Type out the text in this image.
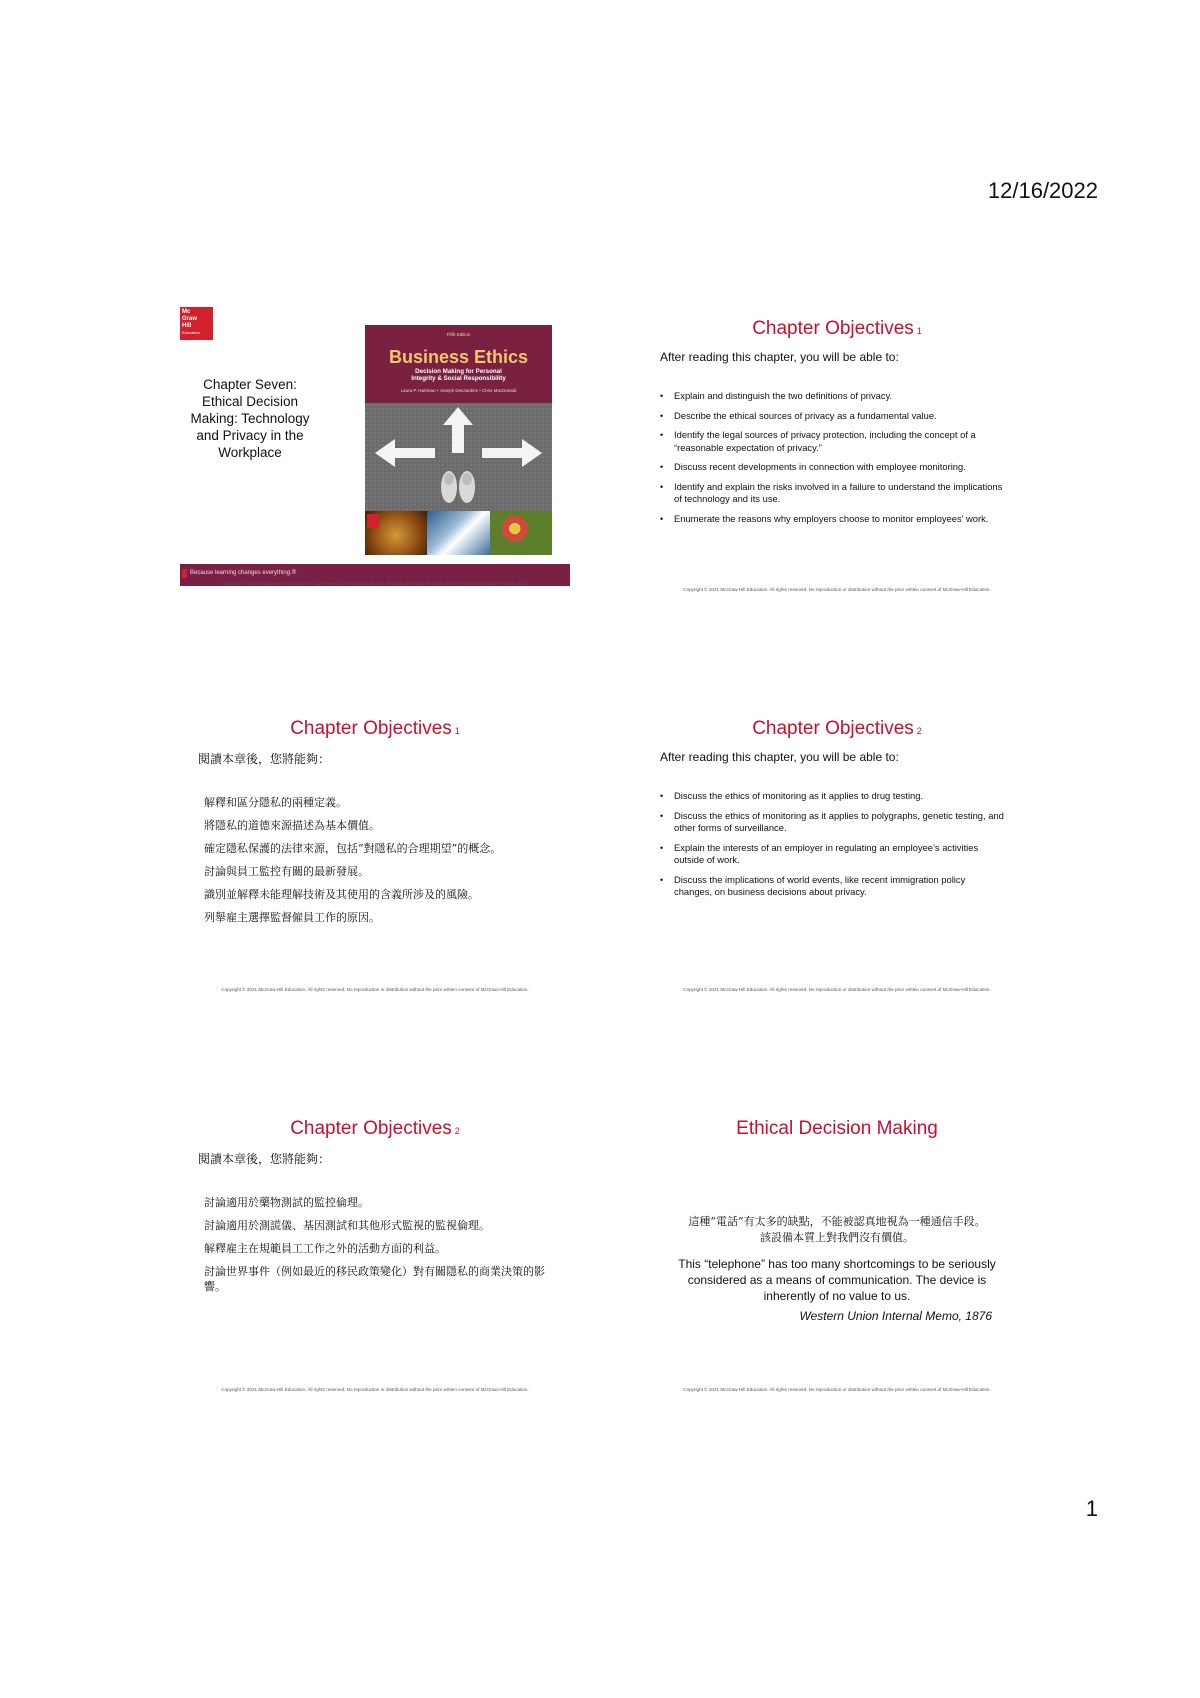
12/16/2022
Mc
Graw
Hill
Education
Chapter Seven: Ethical Decision Making: Technology and Privacy in the Workplace
Fifth Edition
Business Ethics
Decision Making for Personal
Integrity & Social Responsibility
Laura P. Hartman • Joseph DesJardins • Chris MacDonald
Because learning changes everything.®
Copyright © 2021 McGraw-Hill Education. All rights reserved. No reproduction or distribution without the prior written consent of McGraw-Hill Education.
Chapter Objectives 1
After reading this chapter, you will be able to:
• Explain and distinguish the two definitions of privacy.
• Describe the ethical sources of privacy as a fundamental value.
• Identify the legal sources of privacy protection, including the concept of a “reasonable expectation of privacy.”
• Discuss recent developments in connection with employee monitoring.
• Identify and explain the risks involved in a failure to understand the implications of technology and its use.
• Enumerate the reasons why employers choose to monitor employees’ work.
Copyright © 2021 McGraw-Hill Education. All rights reserved. No reproduction or distribution without the prior written consent of McGraw-Hill Education.
Chapter Objectives 1
閱讀本章後，您將能夠：
解釋和區分隱私的兩種定義。
將隱私的道德來源描述為基本價值。
確定隱私保護的法律來源，包括“對隱私的合理期望”的概念。
討論與員工監控有關的最新發展。
識別並解釋未能理解技術及其使用的含義所涉及的風險。
列舉雇主選擇監督僱員工作的原因。
Copyright © 2021 McGraw-Hill Education. All rights reserved. No reproduction or distribution without the prior written consent of McGraw-Hill Education.
Chapter Objectives 2
After reading this chapter, you will be able to:
• Discuss the ethics of monitoring as it applies to drug testing.
• Discuss the ethics of monitoring as it applies to polygraphs, genetic testing, and other forms of surveillance.
• Explain the interests of an employer in regulating an employee’s activities outside of work.
• Discuss the implications of world events, like recent immigration policy changes, on business decisions about privacy.
Copyright © 2021 McGraw-Hill Education. All rights reserved. No reproduction or distribution without the prior written consent of McGraw-Hill Education.
Chapter Objectives 2
閱讀本章後，您將能夠：
討論適用於藥物測試的監控倫理。
討論適用於測謊儀、基因測試和其他形式監視的監視倫理。
解釋雇主在規範員工工作之外的活動方面的利益。
討論世界事件（例如最近的移民政策變化）對有關隱私的商業決策的影響。
Copyright © 2021 McGraw-Hill Education. All rights reserved. No reproduction or distribution without the prior written consent of McGraw-Hill Education.
Ethical Decision Making
這種“電話”有太多的缺點，不能被認真地視為一種通信手段。
該設備本質上對我們沒有價值。
This “telephone” has too many shortcomings to be seriously considered as a means of communication. The device is inherently of no value to us.
Western Union Internal Memo, 1876
Copyright © 2021 McGraw-Hill Education. All rights reserved. No reproduction or distribution without the prior written consent of McGraw-Hill Education.
1
